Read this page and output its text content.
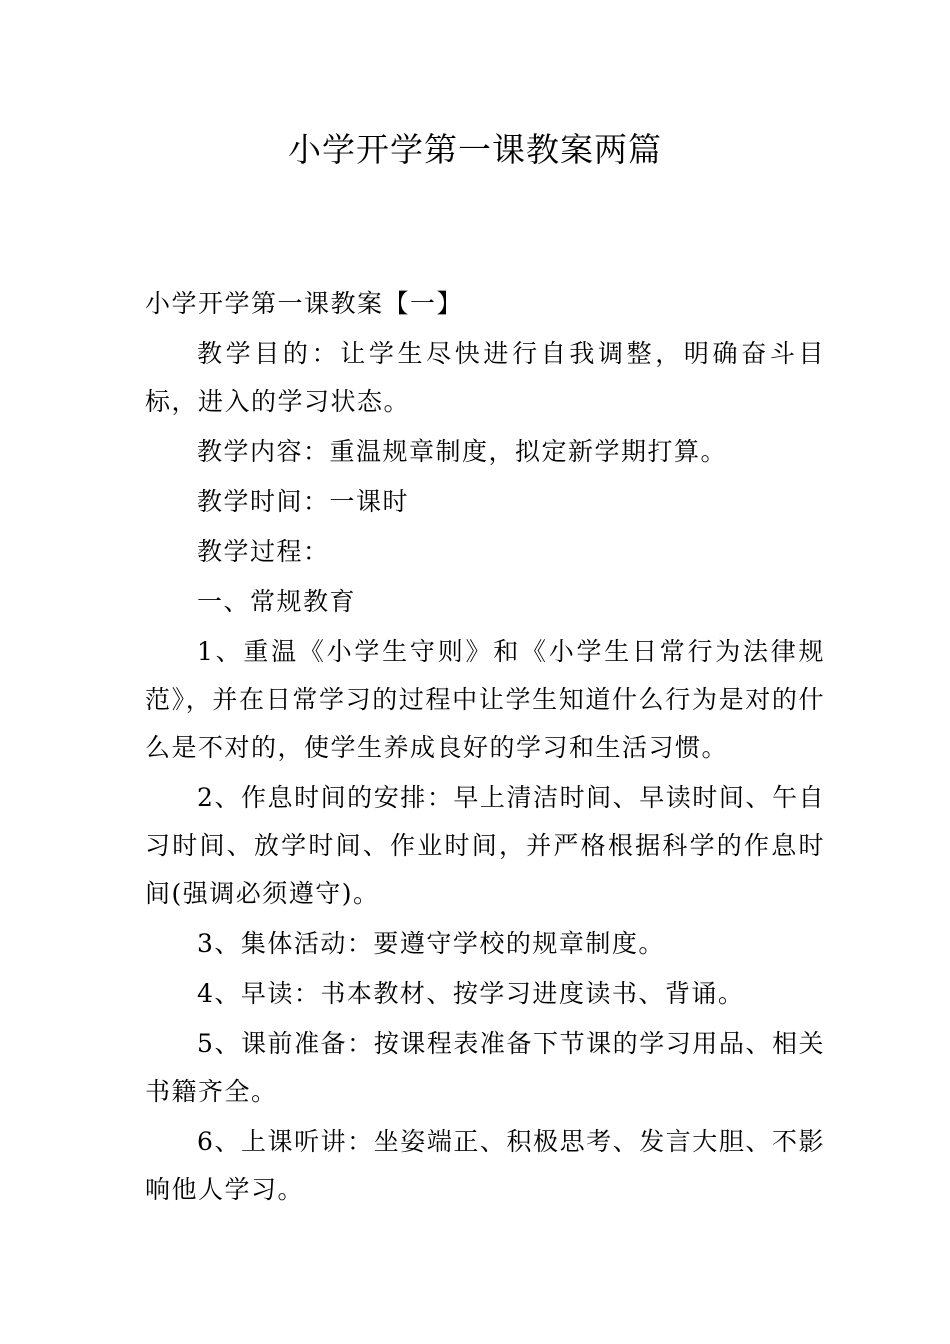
小学开学第一课教案两篇

小学开学第一课教案【一】

教学目的：让学生尽快进行自我调整，明确奋斗目标，进入的学习状态。

教学内容：重温规章制度，拟定新学期打算。

教学时间：一课时

教学过程：

一、常规教育

1、重温《小学生守则》和《小学生日常行为法律规范》，并在日常学习的过程中让学生知道什么行为是对的什么是不对的，使学生养成良好的学习和生活习惯。

2、作息时间的安排：早上清洁时间、早读时间、午自习时间、放学时间、作业时间，并严格根据科学的作息时间(强调必须遵守)。

3、集体活动：要遵守学校的规章制度。

4、早读：书本教材、按学习进度读书、背诵。

5、课前准备：按课程表准备下节课的学习用品、相关书籍齐全。

6、上课听讲：坐姿端正、积极思考、发言大胆、不影响他人学习。
